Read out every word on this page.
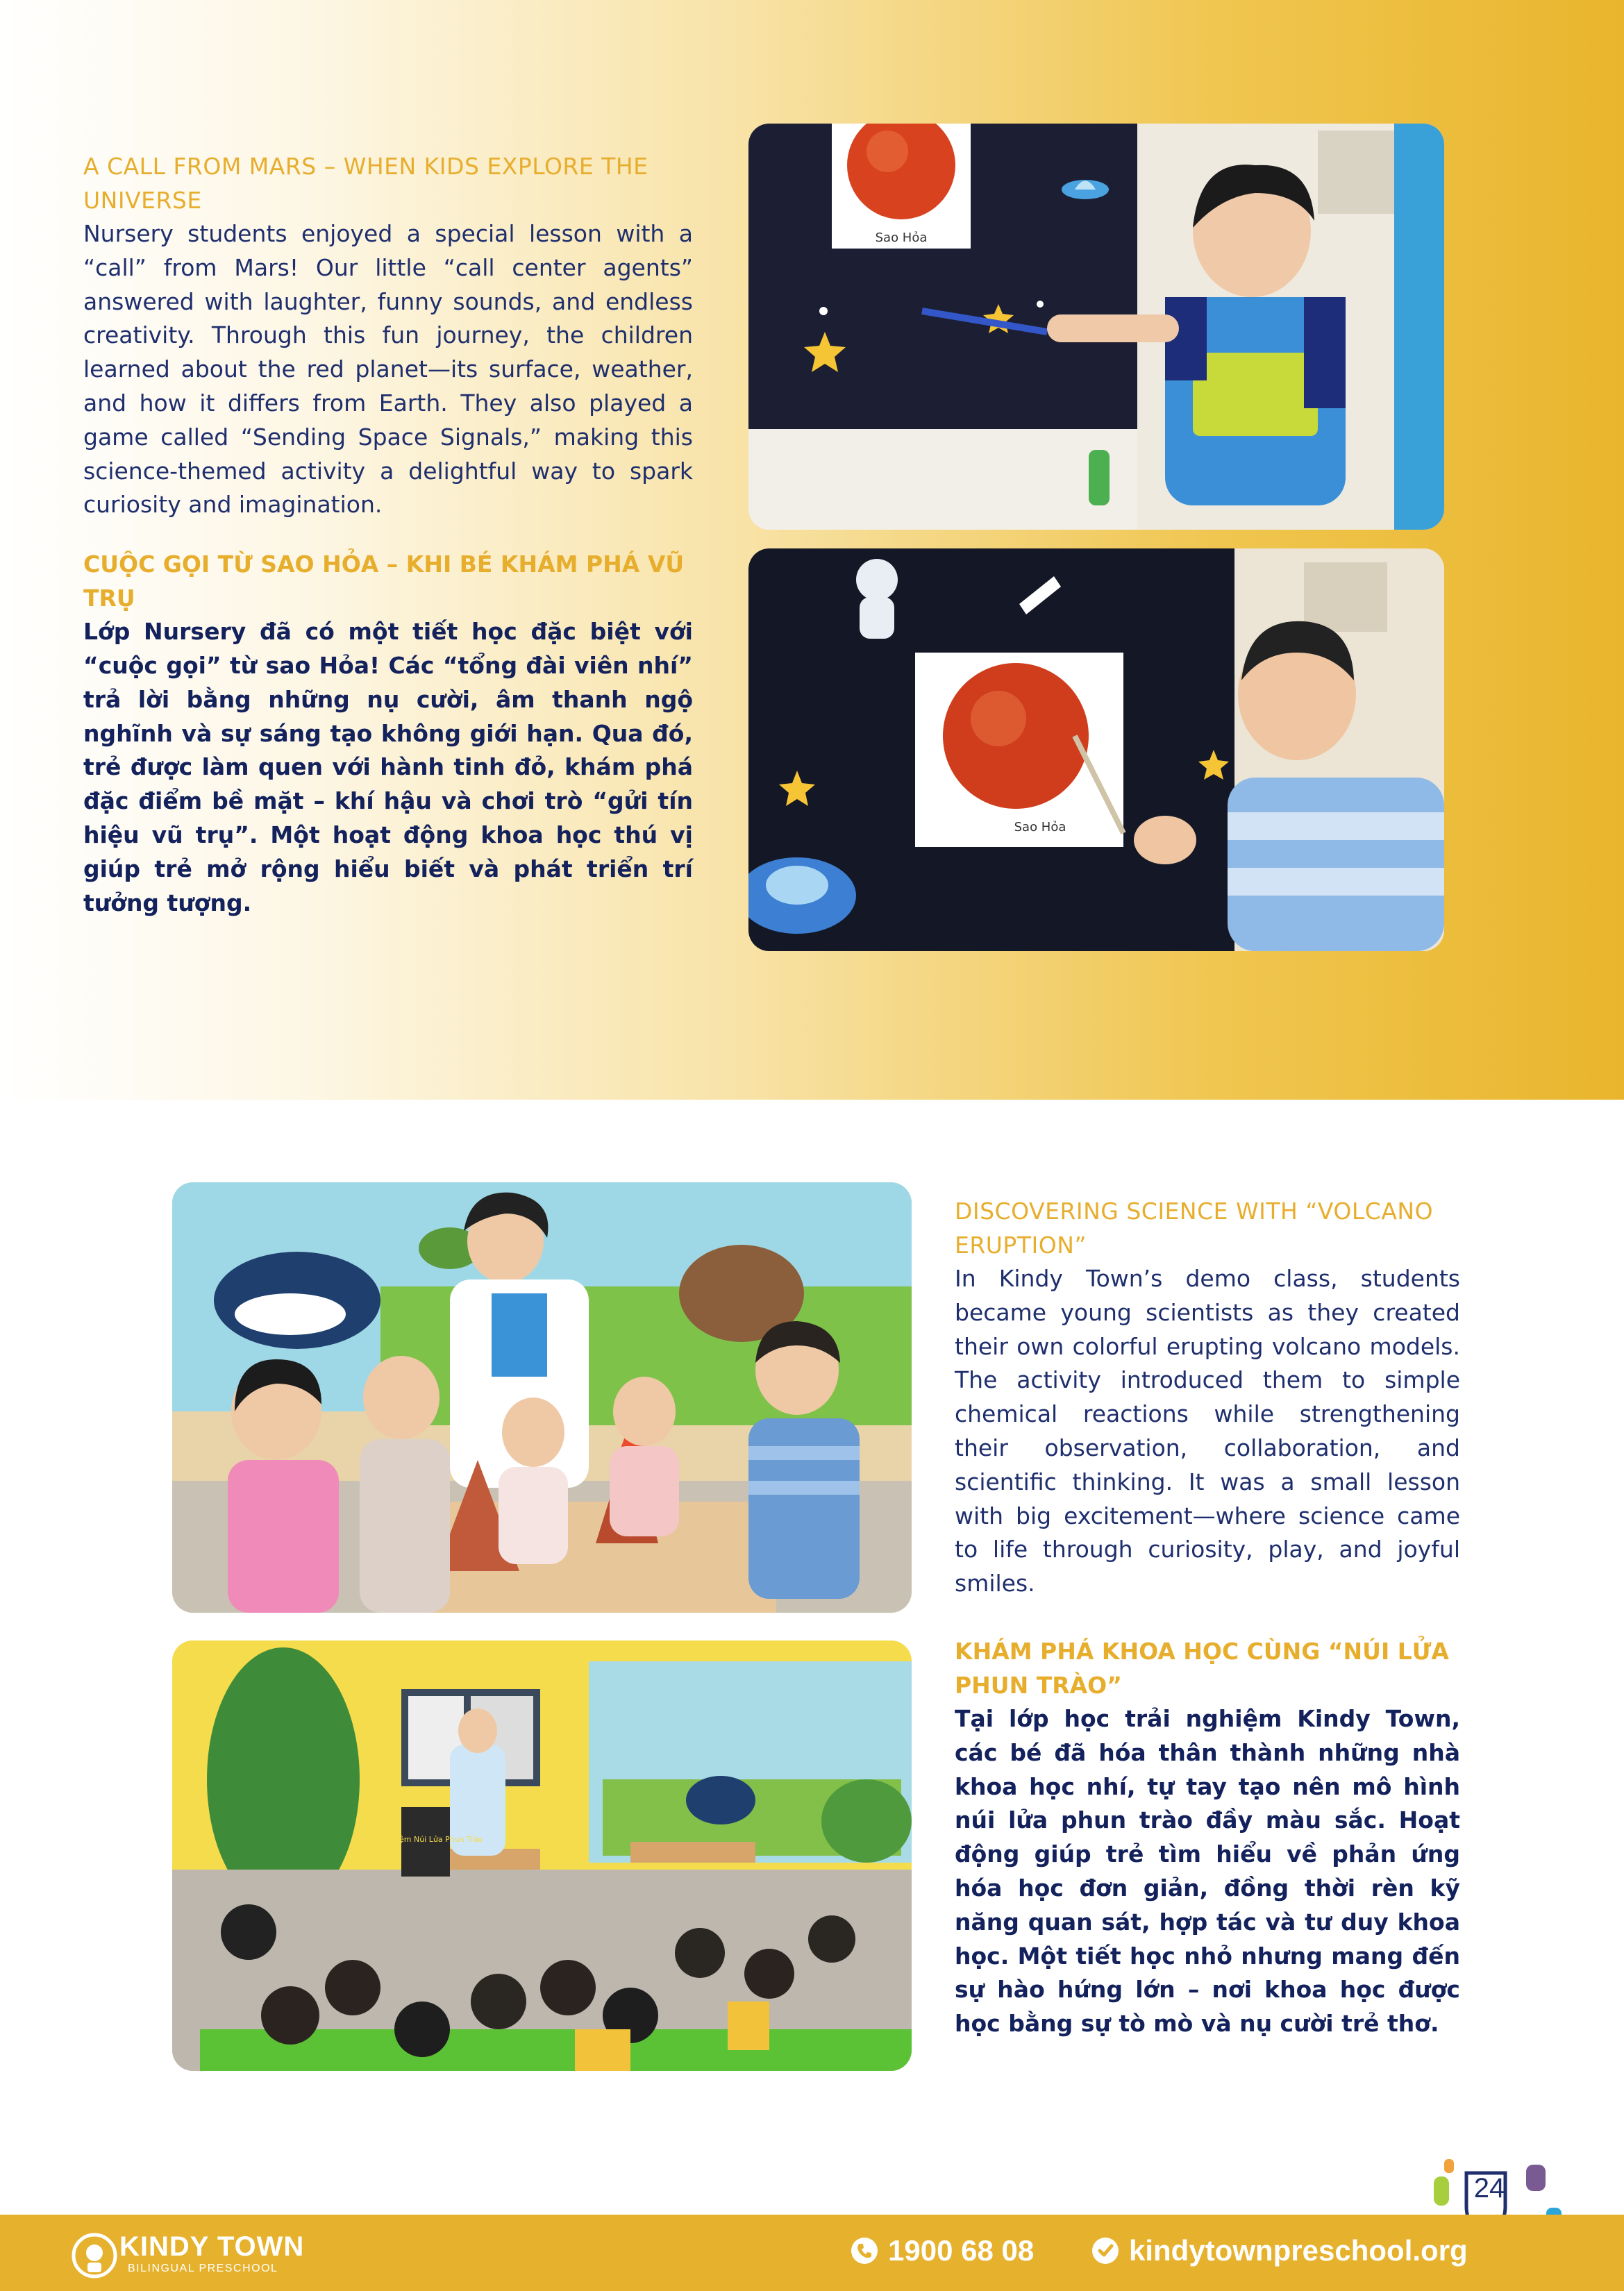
A CALL FROM MARS – WHEN KIDS EXPLORE THE UNIVERSE

Nursery students enjoyed a special lesson with a “call” from Mars! Our little “call center agents” answered with laughter, funny sounds, and endless creativity. Through this fun journey, the children learned about the red planet—its surface, weather, and how it differs from Earth. They also played a game called “Sending Space Signals,” making this science-themed activity a delightful way to spark curiosity and imagination.

CUỘC GỌI TỪ SAO HỎA – KHI BÉ KHÁM PHÁ VŨ TRỤ

Lớp Nursery đã có một tiết học đặc biệt với “cuộc gọi” từ sao Hỏa! Các “tổng đài viên nhí” trả lời bằng những nụ cười, âm thanh ngộ nghĩnh và sự sáng tạo không giới hạn. Qua đó, trẻ được làm quen với hành tinh đỏ, khám phá đặc điểm bề mặt – khí hậu và chơi trò “gửi tín hiệu vũ trụ”. Một hoạt động khoa học thú vị giúp trẻ mở rộng hiểu biết và phát triển trí tưởng tượng.

Sao Hỏa
Sao Hỏa
Thí nghiệm Núi Lửa Phun Trào
DISCOVERING SCIENCE WITH “VOLCANO ERUPTION”

In Kindy Town’s demo class, students became young scientists as they created their own colorful erupting volcano models. The activity introduced them to simple chemical reactions while strengthening their observation, collaboration, and scientific thinking. It was a small lesson with big excitement—where science came to life through curiosity, play, and joyful smiles.

KHÁM PHÁ KHOA HỌC CÙNG “NÚI LỬA PHUN TRÀO”

Tại lớp học trải nghiệm Kindy Town, các bé đã hóa thân thành những nhà khoa học nhí, tự tay tạo nên mô hình núi lửa phun trào đầy màu sắc. Hoạt động giúp trẻ tìm hiểu về phản ứng hóa học đơn giản, đồng thời rèn kỹ năng quan sát, hợp tác và tư duy khoa học. Một tiết học nhỏ nhưng mang đến sự hào hứng lớn – nơi khoa học được học bằng sự tò mò và nụ cười trẻ thơ.

24

KINDY TOWN

BILINGUAL PRESCHOOL

1900 68 08	kindytownpreschool.org
